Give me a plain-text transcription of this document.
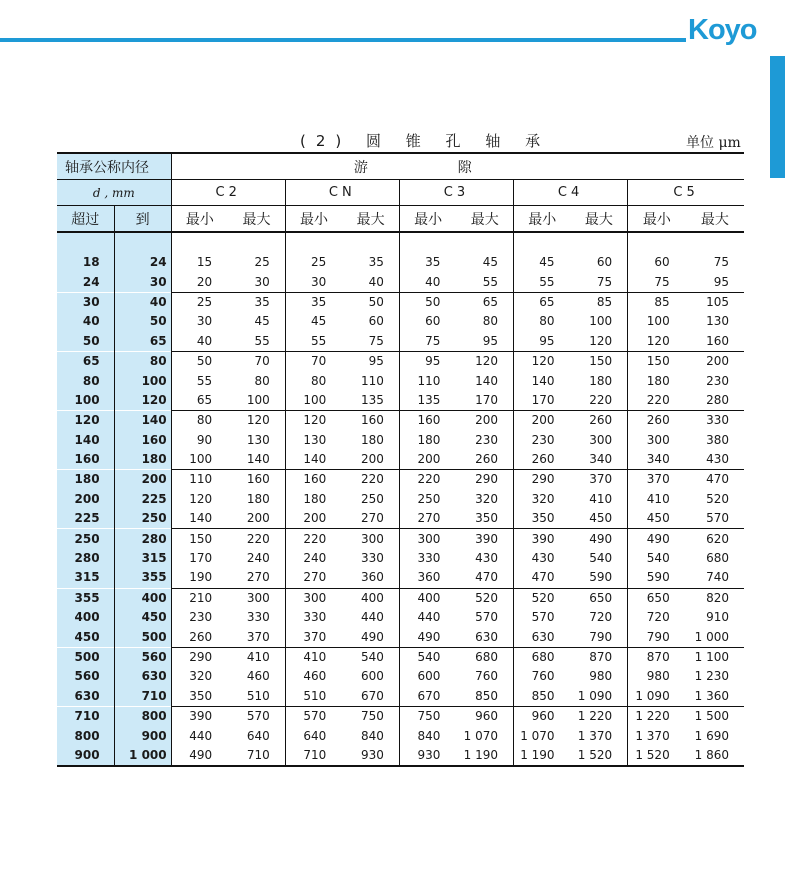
Koyo
(2) 圆 锥 孔 轴 承	单位 μm
轴承公称内径		游隙									
d , mm		C2		CN		C3		C4		C5	
超过	到	最小	最大	最小	最大	最小	最大	最小	最大	最小	最大

18	24	15	25	25	35	35	45	45	60	60	75
24	30	20	30	30	40	40	55	55	75	75	95
30	40	25	35	35	50	50	65	65	85	85	105
40	50	30	45	45	60	60	80	80	100	100	130
50	65	40	55	55	75	75	95	95	120	120	160
65	80	50	70	70	95	95	120	120	150	150	200
80	100	55	80	80	110	110	140	140	180	180	230
100	120	65	100	100	135	135	170	170	220	220	280
120	140	80	120	120	160	160	200	200	260	260	330
140	160	90	130	130	180	180	230	230	300	300	380
160	180	100	140	140	200	200	260	260	340	340	430
180	200	110	160	160	220	220	290	290	370	370	470
200	225	120	180	180	250	250	320	320	410	410	520
225	250	140	200	200	270	270	350	350	450	450	570
250	280	150	220	220	300	300	390	390	490	490	620
280	315	170	240	240	330	330	430	430	540	540	680
315	355	190	270	270	360	360	470	470	590	590	740
355	400	210	300	300	400	400	520	520	650	650	820
400	450	230	330	330	440	440	570	570	720	720	910
450	500	260	370	370	490	490	630	630	790	790	1 000
500	560	290	410	410	540	540	680	680	870	870	1 100
560	630	320	460	460	600	600	760	760	980	980	1 230
630	710	350	510	510	670	670	850	850	1 090	1 090	1 360
710	800	390	570	570	750	750	960	960	1 220	1 220	1 500
800	900	440	640	640	840	840	1 070	1 070	1 370	1 370	1 690
900	1 000	490	710	710	930	930	1 190	1 190	1 520	1 520	1 860
